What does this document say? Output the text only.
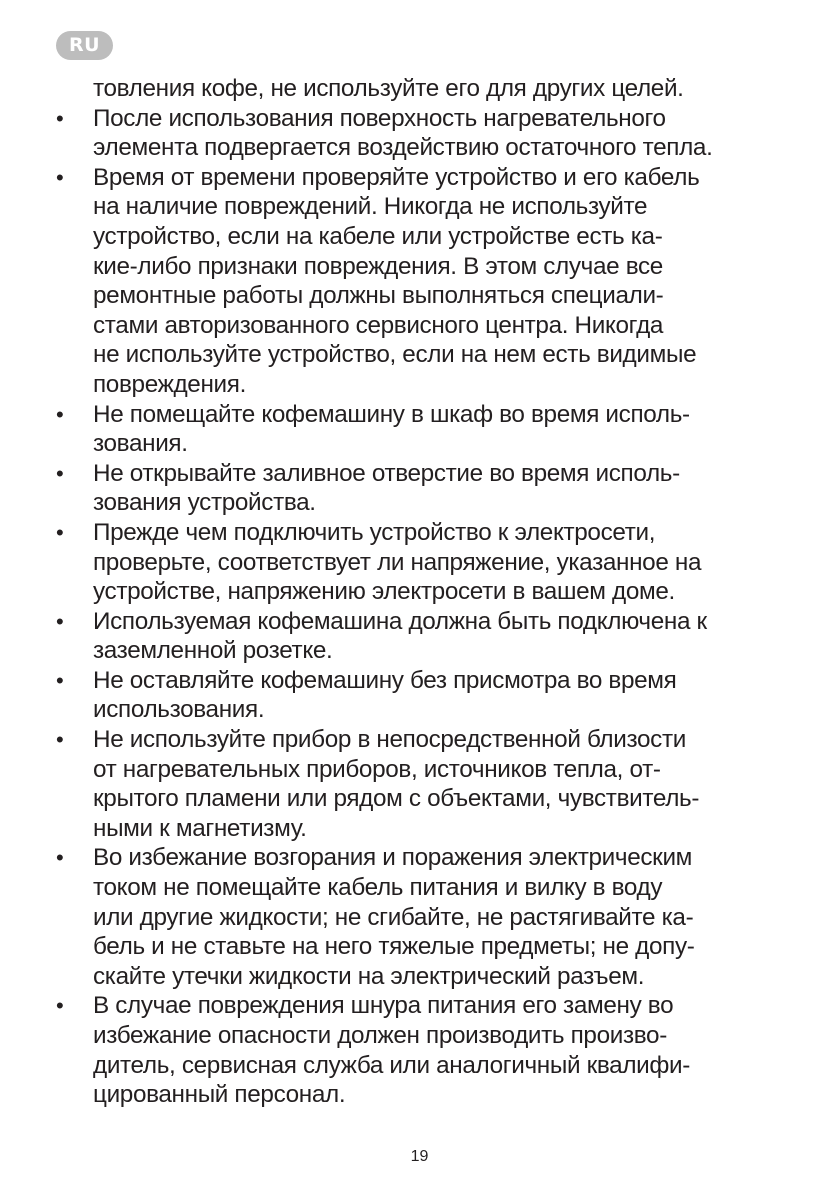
RU
товления кофе, не используйте его для других целей.
• После использования поверхность нагревательного
элемента подвергается воздействию остаточного тепла.
• Время от времени проверяйте устройство и его кабель
на наличие повреждений. Никогда не используйте
устройство, если на кабеле или устройстве есть ка-
кие-либо признаки повреждения. В этом случае все
ремонтные работы должны выполняться специали-
стами авторизованного сервисного центра. Никогда
не используйте устройство, если на нем есть видимые
повреждения.
• Не помещайте кофемашину в шкаф во время исполь-
зования.
• Не открывайте заливное отверстие во время исполь-
зования устройства.
• Прежде чем подключить устройство к электросети,
проверьте, соответствует ли напряжение, указанное на
устройстве, напряжению электросети в вашем доме.
• Используемая кофемашина должна быть подключена к
заземленной розетке.
• Не оставляйте кофемашину без присмотра во время
использования.
• Не используйте прибор в непосредственной близости
от нагревательных приборов, источников тепла, от-
крытого пламени или рядом с объектами, чувствитель-
ными к магнетизму.
• Во избежание возгорания и поражения электрическим
током не помещайте кабель питания и вилку в воду
или другие жидкости; не сгибайте, не растягивайте ка-
бель и не ставьте на него тяжелые предметы; не допу-
скайте утечки жидкости на электрический разъем.
• В случае повреждения шнура питания его замену во
избежание опасности должен производить произво-
дитель, сервисная служба или аналогичный квалифи-
цированный персонал.
19
